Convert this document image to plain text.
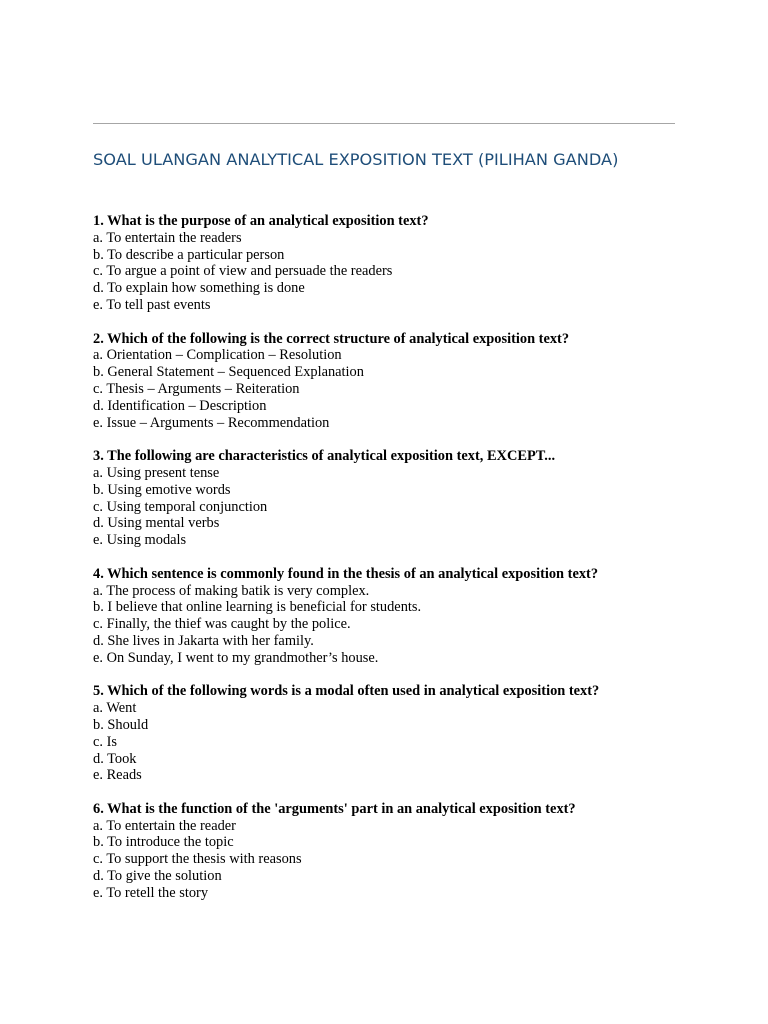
SOAL ULANGAN ANALYTICAL EXPOSITION TEXT (PILIHAN GANDA)

1. What is the purpose of an analytical exposition text?

a. To entertain the readers
b. To describe a particular person
c. To argue a point of view and persuade the readers
d. To explain how something is done
e. To tell past events

2. Which of the following is the correct structure of analytical exposition text?

a. Orientation – Complication – Resolution
b. General Statement – Sequenced Explanation
c. Thesis – Arguments – Reiteration
d. Identification – Description
e. Issue – Arguments – Recommendation

3. The following are characteristics of analytical exposition text, EXCEPT...

a. Using present tense
b. Using emotive words
c. Using temporal conjunction
d. Using mental verbs
e. Using modals

4. Which sentence is commonly found in the thesis of an analytical exposition text?

a. The process of making batik is very complex.
b. I believe that online learning is beneficial for students.
c. Finally, the thief was caught by the police.
d. She lives in Jakarta with her family.
e. On Sunday, I went to my grandmother’s house.

5. Which of the following words is a modal often used in analytical exposition text?

a. Went
b. Should
c. Is
d. Took
e. Reads

6. What is the function of the 'arguments' part in an analytical exposition text?

a. To entertain the reader
b. To introduce the topic
c. To support the thesis with reasons
d. To give the solution
e. To retell the story
